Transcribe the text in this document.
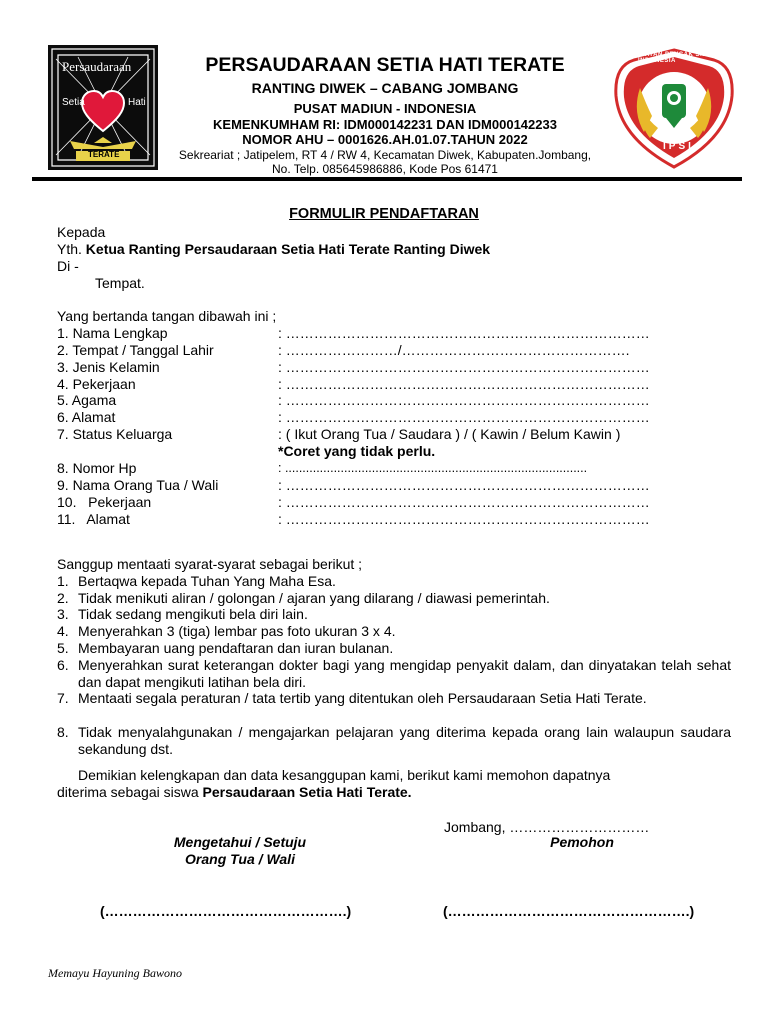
Persaudaraan
Setia	Hati
TERATE
PERSAUDARAAN SETIA HATI TERATE
RANTING DIWEK – CABANG JOMBANG
PUSAT MADIUN - INDONESIA
KEMENKUMHAM RI: IDM000142231 DAN IDM000142233
NOMOR AHU – 0001626.AH.01.07.TAHUN 2022
Sekreariat ; Jatipelem, RT 4 / RW 4, Kecamatan Diwek, Kabupaten.Jombang,
No. Telp. 085645986886, Kode Pos 61471
IKATAN PENCAK SILAT INDONESIA
IPSI
FORMULIR PENDAFTARAN
Kepada
Yth. Ketua Ranting Persaudaraan Setia Hati Terate Ranting Diwek
Di -
Tempat.
Yang bertanda tangan dibawah ini ;
1. Nama Lengkap	: ……………………………………………………………………
2. Tempat / Tanggal Lahir	: ……………………/………………………………………….
3. Jenis Kelamin	: ……………………………………………………………………
4. Pekerjaan	: ……………………………………………………………………
5. Agama	: ……………………………………………………………………
6. Alamat	: ……………………………………………………………………
7. Status Keluarga	: ( Ikut Orang Tua / Saudara ) / ( Kawin / Belum Kawin )
*Coret yang tidak perlu.
8. Nomor Hp	: .......................................................................................
9. Nama Orang Tua / Wali	: ……………………………………………………………………
10.   Pekerjaan	: ……………………………………………………………………
11.   Alamat	: ……………………………………………………………………
Sanggup mentaati syarat-syarat sebagai berikut ;
1. Bertaqwa kepada Tuhan Yang Maha Esa.
2. Tidak menikuti aliran / golongan / ajaran yang dilarang / diawasi pemerintah.
3. Tidak sedang mengikuti bela diri lain.
4. Menyerahkan 3 (tiga) lembar pas foto ukuran 3 x 4.
5. Membayaran uang pendaftaran dan iuran bulanan.
6. Menyerahkan surat keterangan dokter bagi yang mengidap penyakit dalam, dan dinyatakan telah sehat dan dapat mengikuti latihan bela diri.
7. Mentaati segala peraturan / tata tertib yang ditentukan oleh Persaudaraan Setia Hati Terate.
8. Tidak menyalahgunakan / mengajarkan pelajaran yang diterima kepada orang lain walaupun saudara sekandung dst.
Demikian kelengkapan dan data kesanggupan kami, berikut kami memohon dapatnya
diterima sebagai siswa Persaudaraan Setia Hati Terate.
Jombang, …………………………
Mengetahui / Setuju
Orang Tua / Wali
Pemohon
(…………………………………………….)	(…………………………………………….)
Memayu Hayuning Bawono
